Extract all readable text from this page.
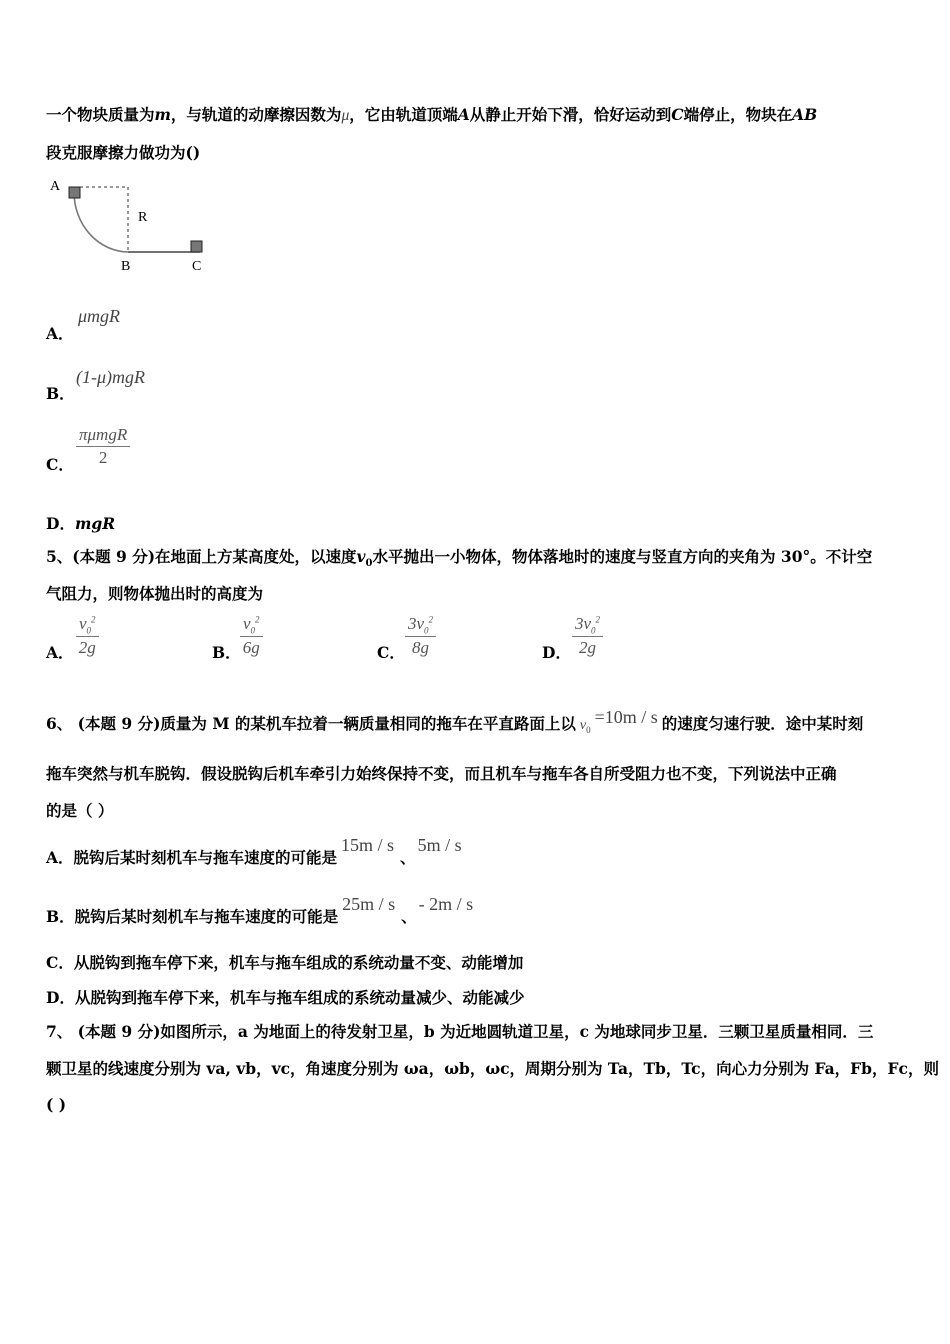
一个物块质量为m，与轨道的动摩擦因数为μ，它由轨道顶端A从静止开始下滑，恰好运动到C端停止，物块在AB
段克服摩擦力做功为()
A
R
B	C
A．
μmgR
B．
(1-μ)mgR
C．
πμmgR
2
D．mgR
5、(本题 9 分)在地面上方某高度处，以速度$v_0$水平抛出一小物体，物体落地时的速度与竖直方向的夹角为 30°。不计空
气阻力，则物体抛出时的高度为
A． $\frac{v_0^2}{2g}$	B． $\frac{v_0^2}{6g}$	C． $\frac{3v_0^2}{8g}$	D． $\frac{3v_0^2}{2g}$
6、 (本题 9 分)质量为 M 的某机车拉着一辆质量相同的拖车在平直路面上以 $v_0=10m / s$ 的速度匀速行驶．途中某时刻
拖车突然与机车脱钩．假设脱钩后机车牵引力始终保持不变，而且机车与拖车各自所受阻力也不变，下列说法中正确
的是（ ）
A．脱钩后某时刻机车与拖车速度的可能是15m / s、5m / s
B．脱钩后某时刻机车与拖车速度的可能是25m / s、- 2m / s
C．从脱钩到拖车停下来，机车与拖车组成的系统动量不变、动能增加
D．从脱钩到拖车停下来，机车与拖车组成的系统动量减少、动能减少
7、 (本题 9 分)如图所示，a 为地面上的待发射卫星，b 为近地圆轨道卫星，c 为地球同步卫星．三颗卫星质量相同．三
颗卫星的线速度分别为 va, vb，vc，角速度分别为 ωa，ωb，ωc，周期分别为 Ta，Tb，Tc，向心力分别为 Fa，Fb，Fc，则
( )
